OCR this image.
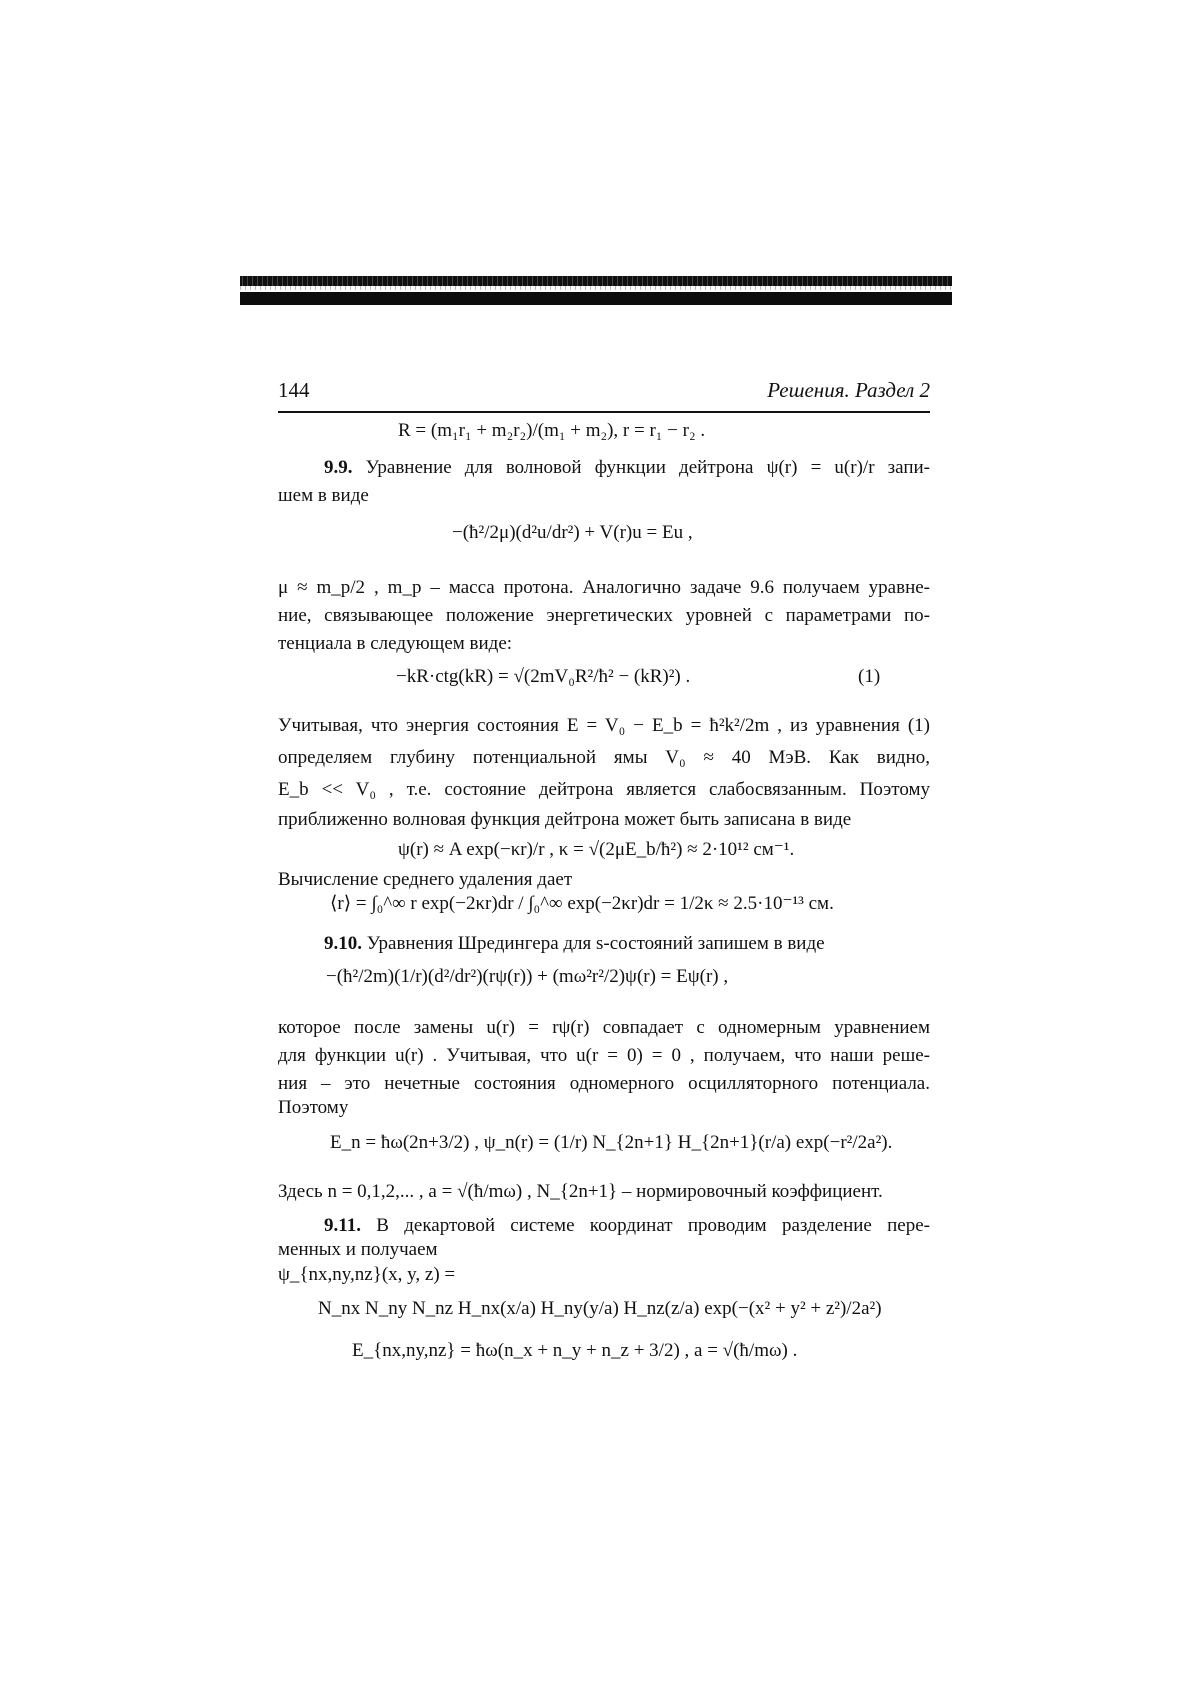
144	Решения. Раздел 2
R = (m₁r₁ + m₂r₂)/(m₁ + m₂), r = r₁ − r₂ .
9.9. Уравнение для волновой функции дейтрона ψ(r) = u(r)/r запи-
шем в виде
−(ħ²/2μ)(d²u/dr²) + V(r)u = Eu ,
μ ≈ m_p/2 , m_p – масса протона. Аналогично задаче 9.6 получаем уравне-
ние, связывающее положение энергетических уровней с параметрами по-
тенциала в следующем виде:
−kR·ctg(kR) = √(2mV₀R²/ħ² − (kR)²) .	(1)
Учитывая, что энергия состояния E = V₀ − E_b = ħ²k²/2m , из уравнения (1)
определяем глубину потенциальной ямы V₀ ≈ 40 МэВ. Как видно,
E_b << V₀ , т.е. состояние дейтрона является слабосвязанным. Поэтому
приближенно волновая функция дейтрона может быть записана в виде
ψ(r) ≈ A exp(−κr)/r , κ = √(2μE_b/ħ²) ≈ 2·10¹² см⁻¹.
Вычисление среднего удаления дает
⟨r⟩ = ∫₀^∞ r exp(−2κr)dr / ∫₀^∞ exp(−2κr)dr = 1/2κ ≈ 2.5·10⁻¹³ см.
9.10. Уравнения Шредингера для s-состояний запишем в виде
−(ħ²/2m)(1/r)(d²/dr²)(rψ(r)) + (mω²r²/2)ψ(r) = Eψ(r) ,
которое после замены u(r) = rψ(r) совпадает с одномерным уравнением
для функции u(r) . Учитывая, что u(r = 0) = 0 , получаем, что наши реше-
ния – это нечетные состояния одномерного осцилляторного потенциала.
Поэтому
E_n = ħω(2n+3/2) , ψ_n(r) = (1/r) N_{2n+1} H_{2n+1}(r/a) exp(−r²/2a²).
Здесь n = 0,1,2,... , a = √(ħ/mω) , N_{2n+1} – нормировочный коэффициент.
9.11. В декартовой системе координат проводим разделение пере-
менных и получаем
ψ_{nx,ny,nz}(x, y, z) =
N_nx N_ny N_nz H_nx(x/a) H_ny(y/a) H_nz(z/a) exp(−(x² + y² + z²)/2a²)
E_{nx,ny,nz} = ħω(n_x + n_y + n_z + 3/2) , a = √(ħ/mω) .
